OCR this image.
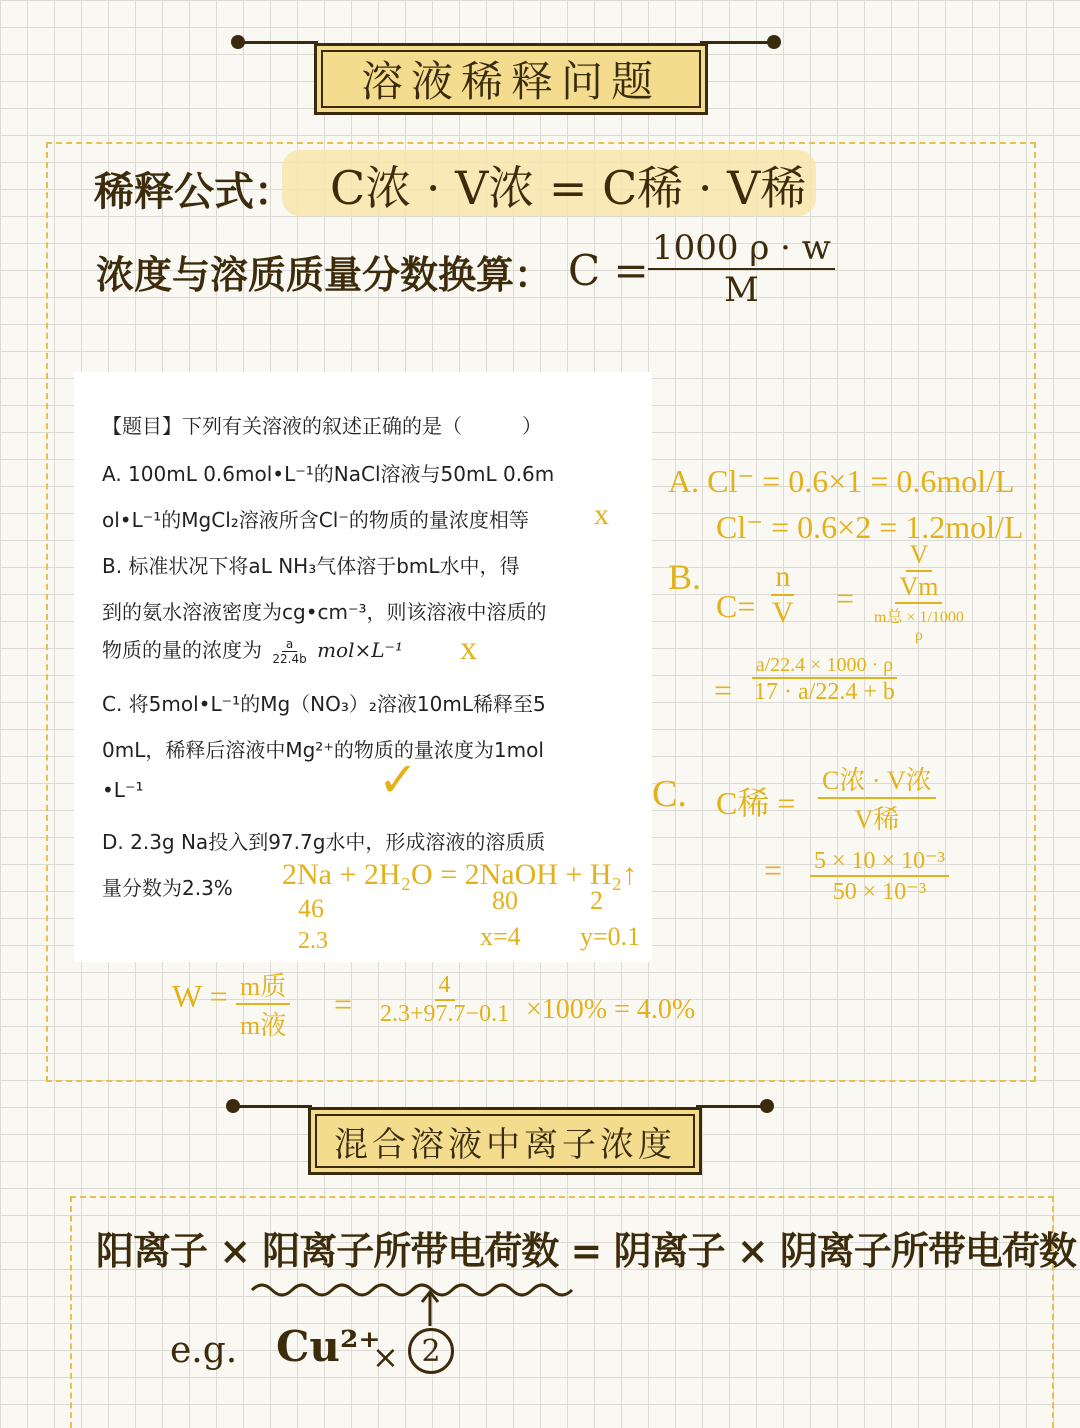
溶液稀释问题
稀释公式： C浓 · V浓 = C稀 · V稀
浓度与溶质质量分数换算： $C = \frac{1000 \rho \cdot w}{M}$
【题目】下列有关溶液的叙述正确的是（　　　）
A. 100mL 0.6mol•L⁻¹的NaCl溶液与50mL 0.6m
ol•L⁻¹的MgCl₂溶液所含Cl⁻的物质的量浓度相等
B. 标准状况下将aL NH₃气体溶于bmL水中，得
到的氨水溶液密度为cg•cm⁻³，则该溶液中溶质的
物质的量的浓度为 $\frac{a}{22.4b} mol\times L^{-1}$
C. 将5mol•L⁻¹的Mg（NO₃）₂溶液10mL稀释至5
0mL，稀释后溶液中Mg²⁺的物质的量浓度为1mol
•L⁻¹
D. 2.3g Na投入到97.7g水中，形成溶液的溶质质
量分数为2.3%
x
x
✓
A. Cl⁻ = 0.6×1 = 0.6mol/L
Cl⁻ = 0.6×2 = 1.2mol/L
B.
$C= \frac{n}{V}$ =
V
Vm
m总 × 1/1000
ρ
= $\frac{a/22.4 \times 1000 \cdot \rho}{17 \cdot a/22.4 + b}$
C. C稀 = $\frac{\text{C浓 · V浓}}{\text{V稀}}$
= $\frac{\text{5 × 10 × 10⁻³}}{\text{50 × 10⁻³}}$
2Na + 2H₂O = 2NaOH + H₂↑
46	80	2
2.3	x=4 y=0.1
$W = \frac{\text{m质}}{\text{m液}} = \frac{4}{2.3+97.7-0.1} \times 100\% = 4.0\%$
混合溶液中离子浓度
阳离子 × 阳离子所带电荷数 = 阴离子 × 阴离子所带电荷数
e.g. Cu²⁺
× 2
